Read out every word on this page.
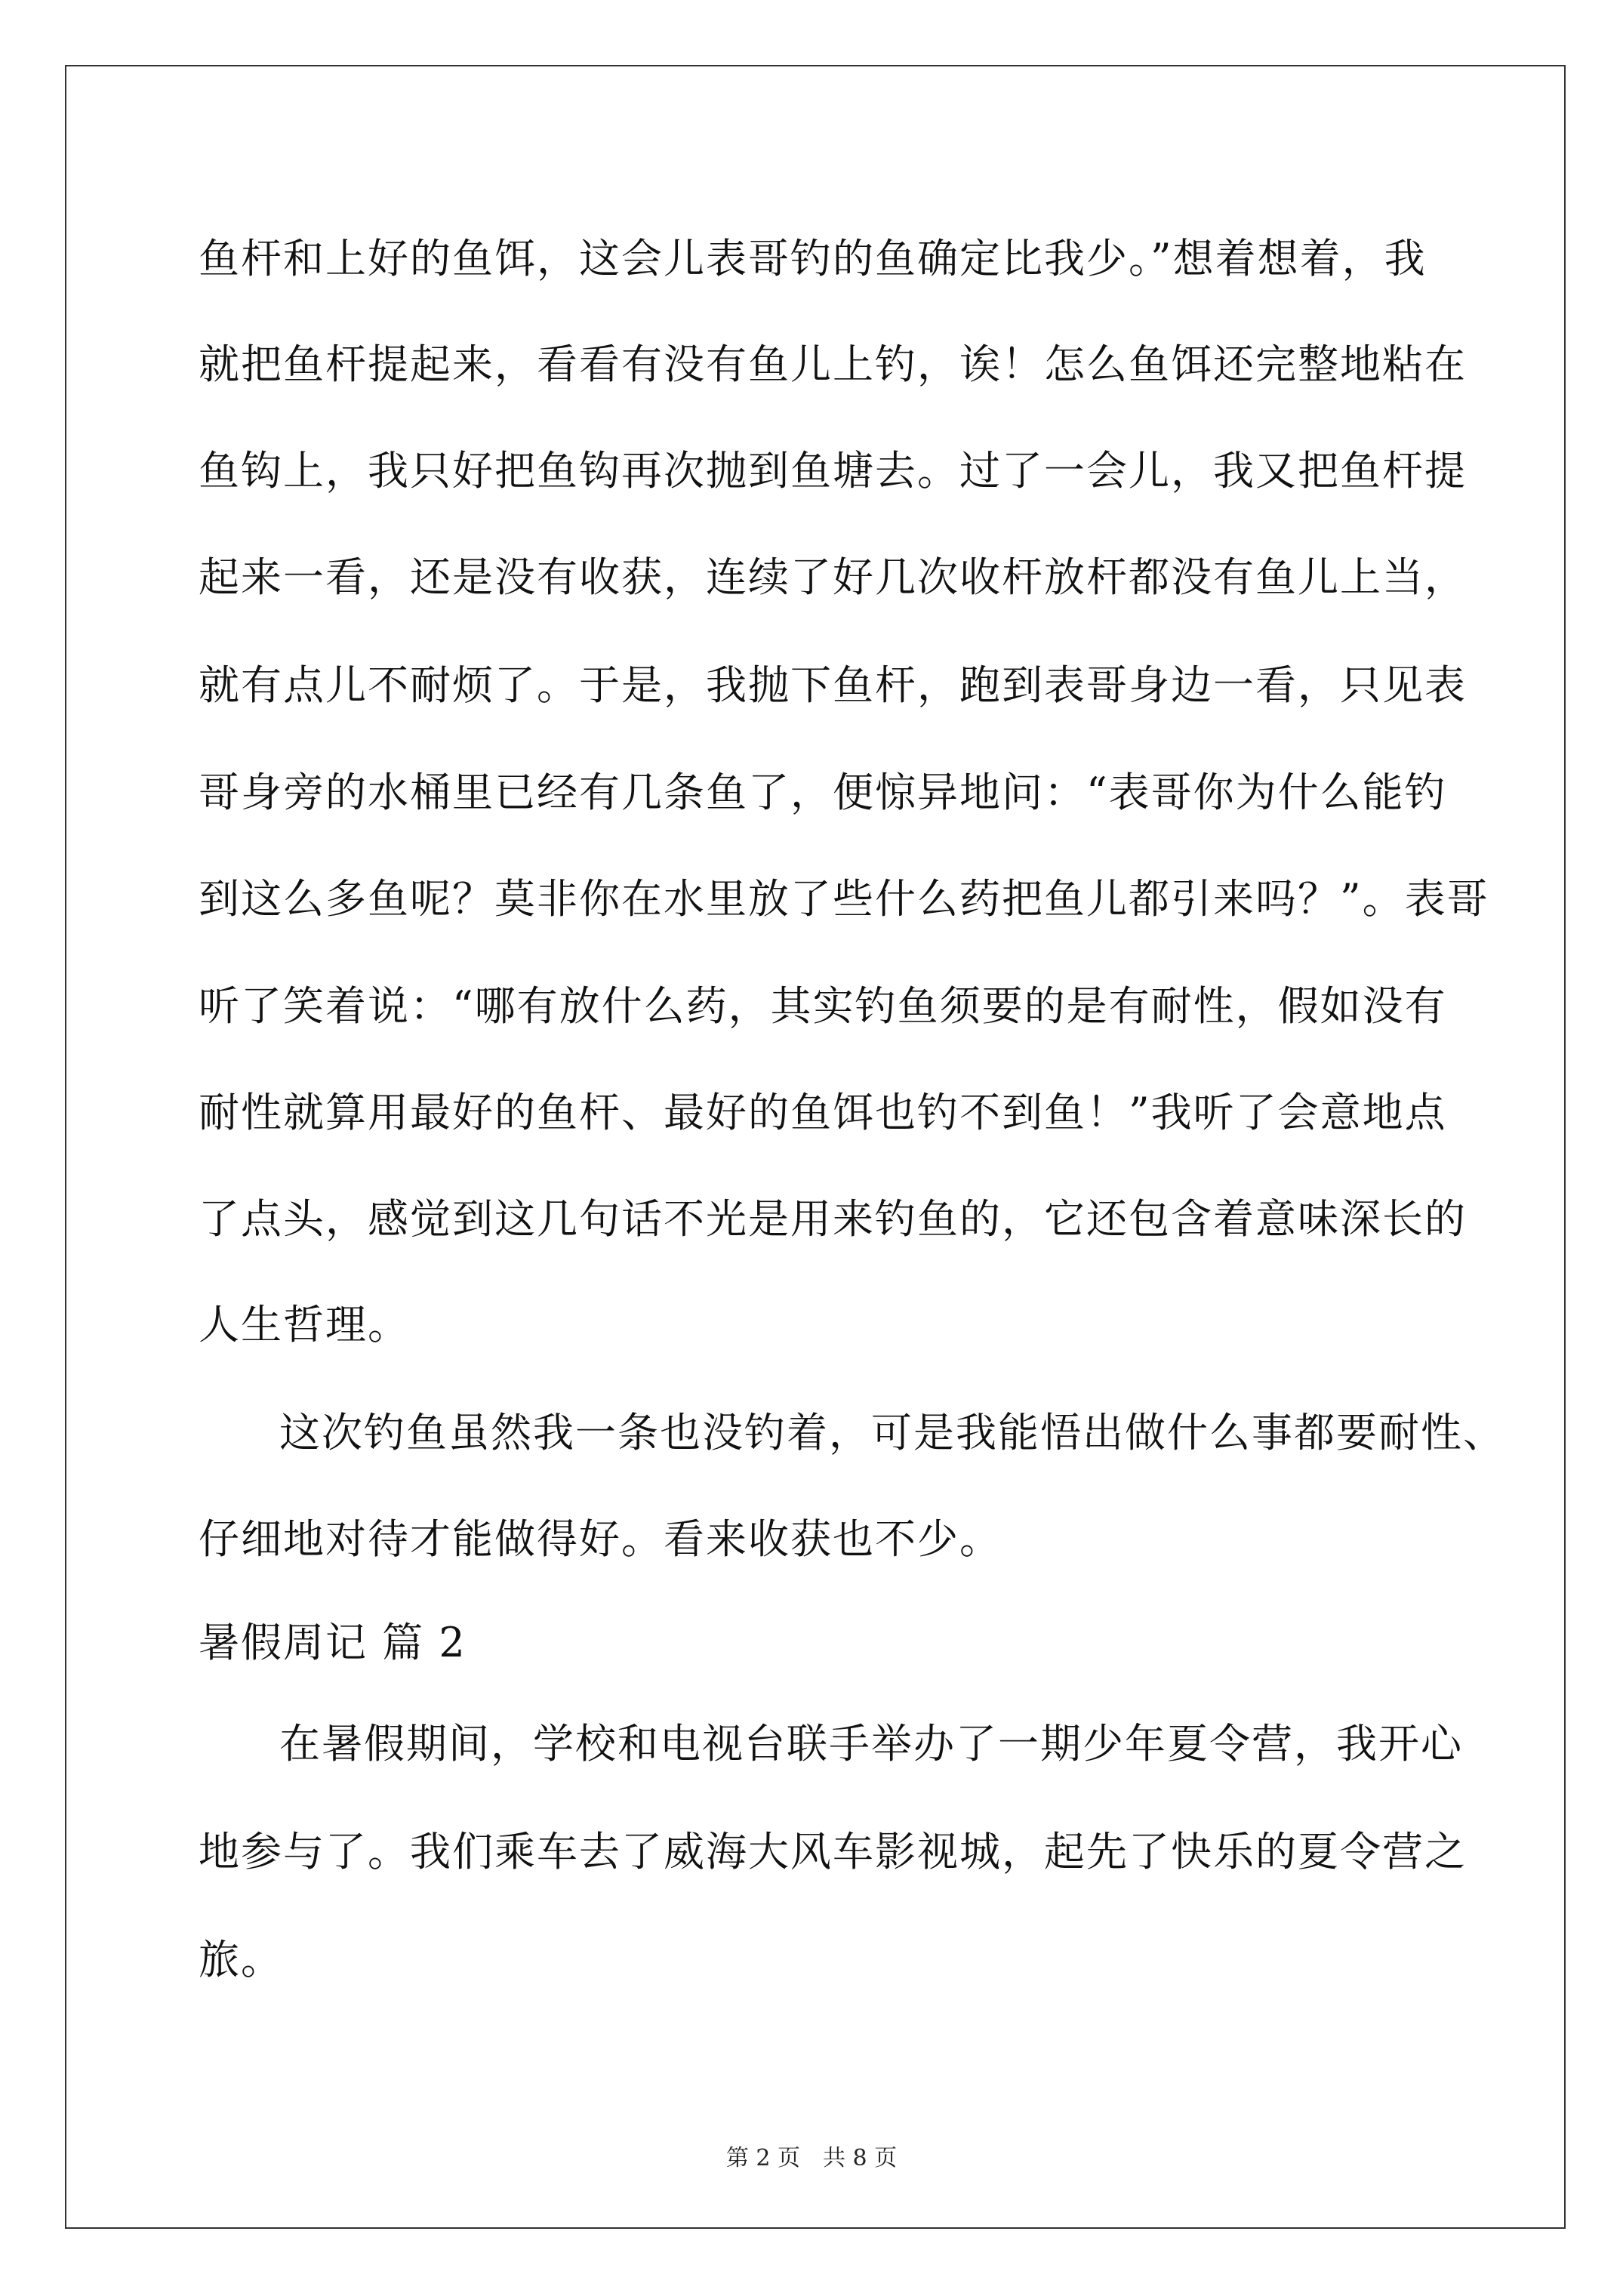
鱼杆和上好的鱼饵，这会儿表哥钓的鱼确定比我少。”想着想着，我
就把鱼杆提起来，看看有没有鱼儿上钓，诶！怎么鱼饵还完整地粘在
鱼钩上，我只好把鱼钩再次抛到鱼塘去。过了一会儿，我又把鱼杆提
起来一看，还是没有收获，连续了好几次收杆放杆都没有鱼儿上当，
就有点儿不耐烦了。于是，我抛下鱼杆，跑到表哥身边一看，只见表
哥身旁的水桶里已经有几条鱼了，便惊异地问：“表哥你为什么能钓
到这么多鱼呢？莫非你在水里放了些什么药把鱼儿都引来吗？”。表哥
听了笑着说：“哪有放什么药，其实钓鱼须要的是有耐性，假如没有
耐性就算用最好的鱼杆、最好的鱼饵也钓不到鱼！”我听了会意地点
了点头，感觉到这几句话不光是用来钓鱼的，它还包含着意味深长的
人生哲理。
这次钓鱼虽然我一条也没钓着，可是我能悟出做什么事都要耐性、
仔细地对待才能做得好。看来收获也不少。
暑假周记 篇 2
在暑假期间，学校和电视台联手举办了一期少年夏令营，我开心
地参与了。我们乘车去了威海大风车影视城，起先了快乐的夏令营之
旅。
第 2 页　共 8 页
